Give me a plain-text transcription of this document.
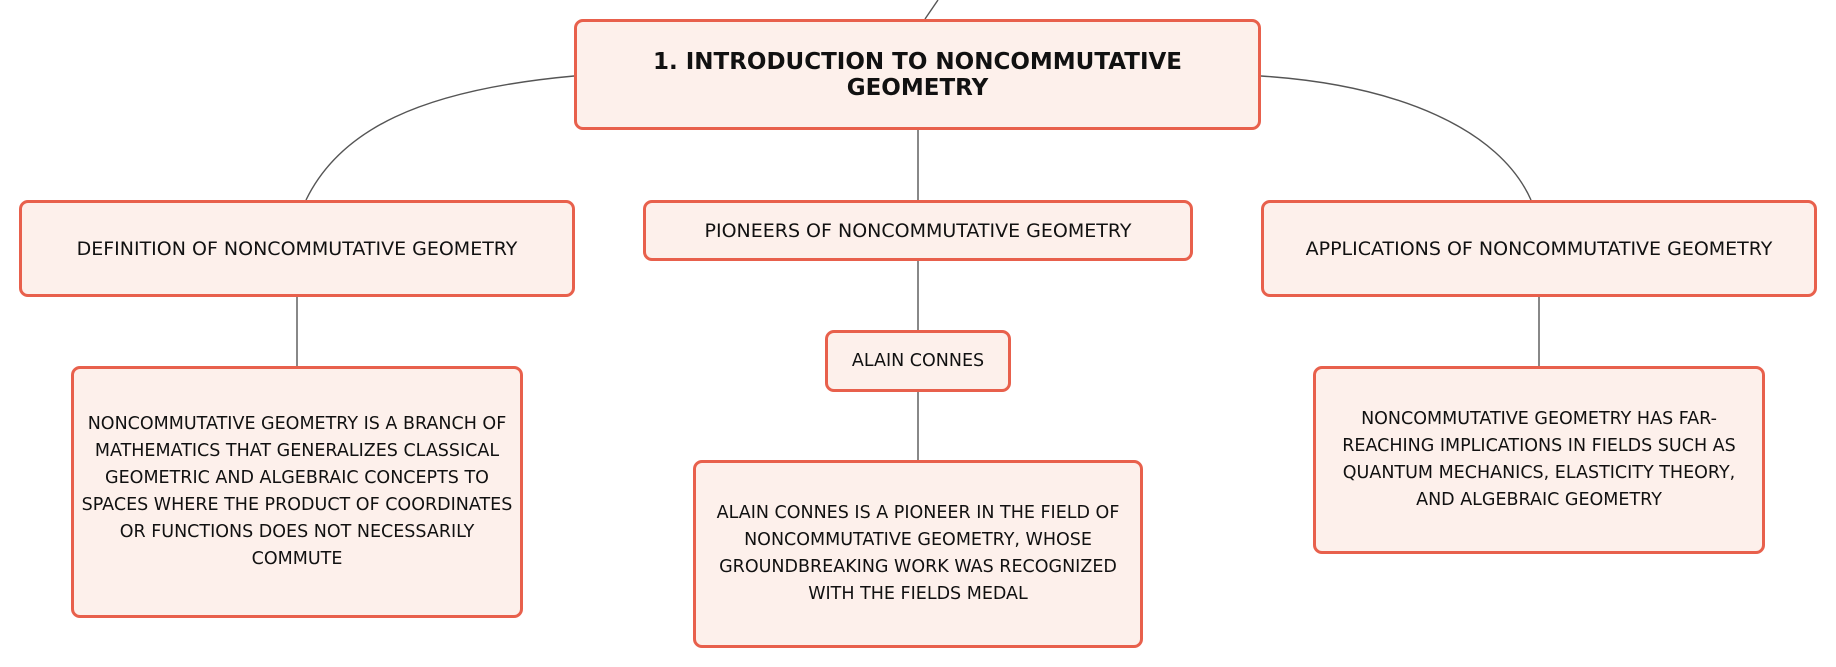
1. INTRODUCTION TO NONCOMMUTATIVE GEOMETRY
DEFINITION OF NONCOMMUTATIVE GEOMETRY
PIONEERS OF NONCOMMUTATIVE GEOMETRY
APPLICATIONS OF NONCOMMUTATIVE GEOMETRY
ALAIN CONNES
NONCOMMUTATIVE GEOMETRY IS A BRANCH OF MATHEMATICS THAT GENERALIZES CLASSICAL GEOMETRIC AND ALGEBRAIC CONCEPTS TO SPACES WHERE THE PRODUCT OF COORDINATES OR FUNCTIONS DOES NOT NECESSARILY COMMUTE
ALAIN CONNES IS A PIONEER IN THE FIELD OF NONCOMMUTATIVE GEOMETRY, WHOSE GROUNDBREAKING WORK WAS RECOGNIZED WITH THE FIELDS MEDAL
NONCOMMUTATIVE GEOMETRY HAS FAR-REACHING IMPLICATIONS IN FIELDS SUCH AS QUANTUM MECHANICS, ELASTICITY THEORY, AND ALGEBRAIC GEOMETRY
